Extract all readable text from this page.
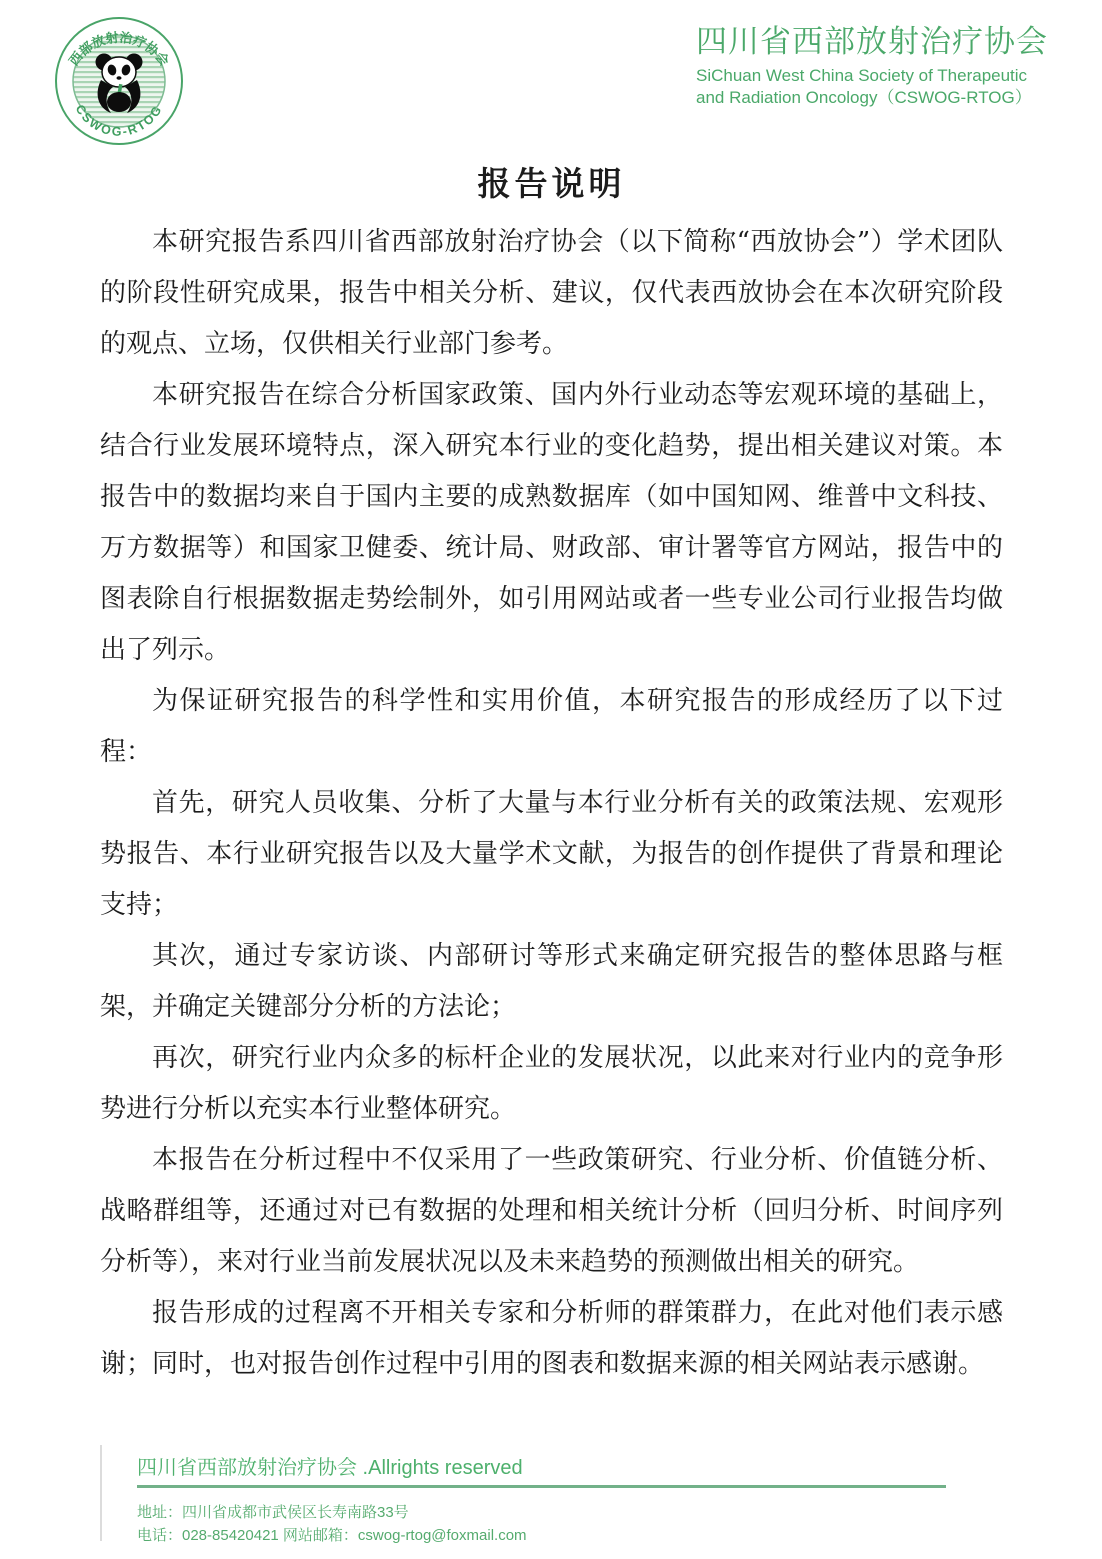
西部放射治疗协会
CSWOG-RTOG
四川省西部放射治疗协会
SiChuan West China Society of Therapeutic
and Radiation Oncology（CSWOG-RTOG）
报告说明

本研究报告系四川省西部放射治疗协会（以下简称“西放协会”）学术团队的阶段性研究成果，报告中相关分析、建议，仅代表西放协会在本次研究阶段的观点、立场，仅供相关行业部门参考。

本研究报告在综合分析国家政策、国内外行业动态等宏观环境的基础上，结合行业发展环境特点，深入研究本行业的变化趋势，提出相关建议对策。本报告中的数据均来自于国内主要的成熟数据库（如中国知网、维普中文科技、万方数据等）和国家卫健委、统计局、财政部、审计署等官方网站，报告中的图表除自行根据数据走势绘制外，如引用网站或者一些专业公司行业报告均做出了列示。

为保证研究报告的科学性和实用价值，本研究报告的形成经历了以下过程：

首先，研究人员收集、分析了大量与本行业分析有关的政策法规、宏观形势报告、本行业研究报告以及大量学术文献，为报告的创作提供了背景和理论支持；

其次，通过专家访谈、内部研讨等形式来确定研究报告的整体思路与框架，并确定关键部分分析的方法论；

再次，研究行业内众多的标杆企业的发展状况，以此来对行业内的竞争形势进行分析以充实本行业整体研究。

本报告在分析过程中不仅采用了一些政策研究、行业分析、价值链分析、战略群组等，还通过对已有数据的处理和相关统计分析（回归分析、时间序列分析等），来对行业当前发展状况以及未来趋势的预测做出相关的研究。

报告形成的过程离不开相关专家和分析师的群策群力，在此对他们表示感谢；同时，也对报告创作过程中引用的图表和数据来源的相关网站表示感谢。

四川省西部放射治疗协会 .Allrights reserved
地址：四川省成都市武侯区长寿南路33号
电话：028-85420421 网站邮箱：cswog-rtog@foxmail.com
